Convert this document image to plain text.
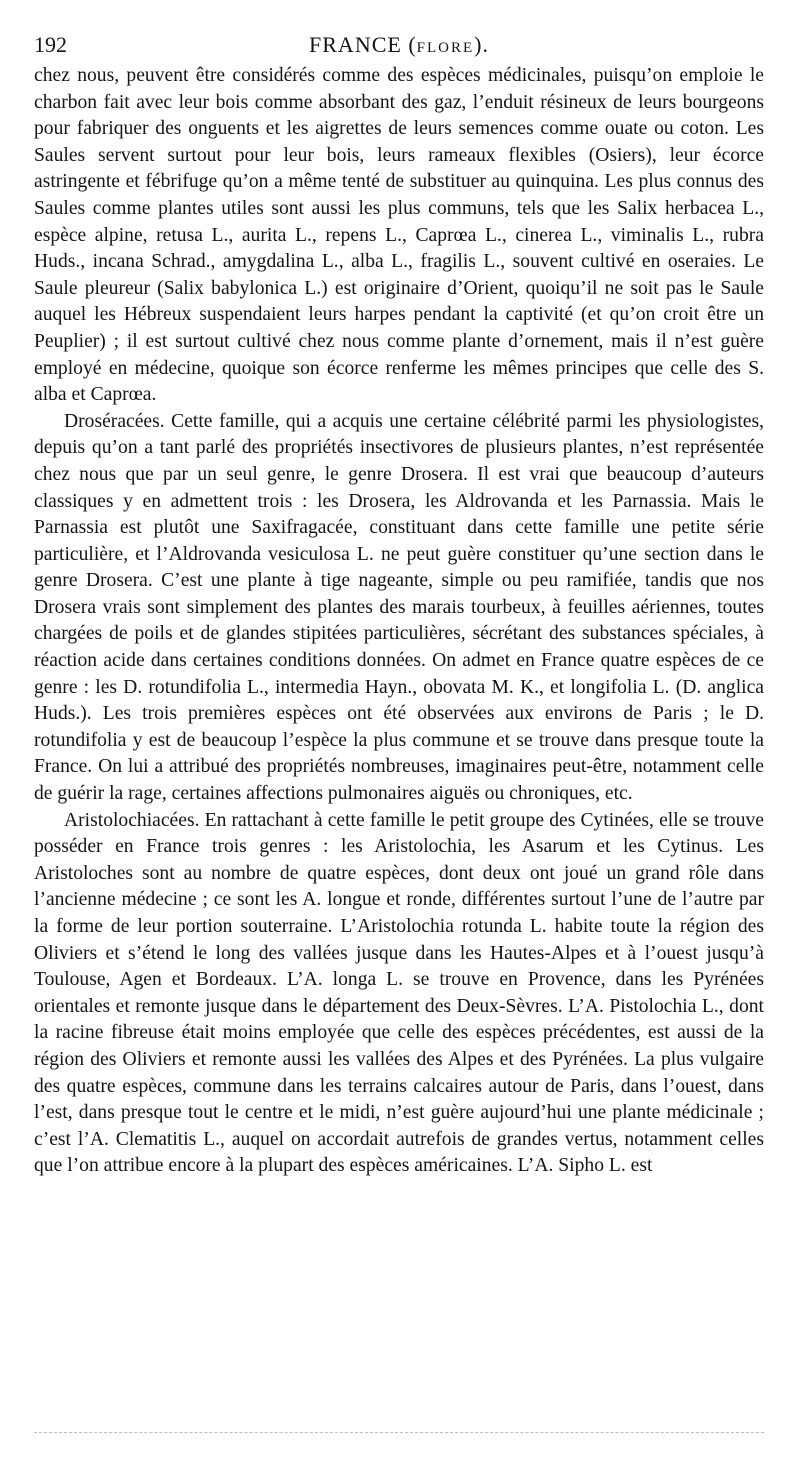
192	FRANCE (FLORE).

chez nous, peuvent être considérés comme des espèces médicinales, puisqu’on emploie le charbon fait avec leur bois comme absorbant des gaz, l’enduit résineux de leurs bourgeons pour fabriquer des onguents et les aigrettes de leurs semences comme ouate ou coton. Les Saules servent surtout pour leur bois, leurs rameaux flexibles (Osiers), leur écorce astringente et fébrifuge qu’on a même tenté de substituer au quinquina. Les plus connus des Saules comme plantes utiles sont aussi les plus communs, tels que les Salix herbacea L., espèce alpine, retusa L., aurita L., repens L., Caprœa L., cinerea L., viminalis L., rubra Huds., incana Schrad., amygdalina L., alba L., fragilis L., souvent cultivé en oseraies. Le Saule pleureur (Salix babylonica L.) est originaire d’Orient, quoiqu’il ne soit pas le Saule auquel les Hébreux suspendaient leurs harpes pendant la captivité (et qu’on croit être un Peuplier) ; il est surtout cultivé chez nous comme plante d’ornement, mais il n’est guère employé en médecine, quoique son écorce renferme les mêmes principes que celle des S. alba et Caprœa.

Droséracées. Cette famille, qui a acquis une certaine célébrité parmi les physiologistes, depuis qu’on a tant parlé des propriétés insectivores de plusieurs plantes, n’est représentée chez nous que par un seul genre, le genre Drosera. Il est vrai que beaucoup d’auteurs classiques y en admettent trois : les Drosera, les Aldrovanda et les Parnassia. Mais le Parnassia est plutôt une Saxifragacée, constituant dans cette famille une petite série particulière, et l’Aldrovanda vesiculosa L. ne peut guère constituer qu’une section dans le genre Drosera. C’est une plante à tige nageante, simple ou peu ramifiée, tandis que nos Drosera vrais sont simplement des plantes des marais tourbeux, à feuilles aériennes, toutes chargées de poils et de glandes stipitées particulières, sécrétant des substances spéciales, à réaction acide dans certaines conditions données. On admet en France quatre espèces de ce genre : les D. rotundifolia L., intermedia Hayn., obovata M. K., et longifolia L. (D. anglica Huds.). Les trois premières espèces ont été observées aux environs de Paris ; le D. rotundifolia y est de beaucoup l’espèce la plus commune et se trouve dans presque toute la France. On lui a attribué des propriétés nombreuses, imaginaires peut-être, notamment celle de guérir la rage, certaines affections pulmonaires aiguës ou chroniques, etc.

Aristolochiacées. En rattachant à cette famille le petit groupe des Cytinées, elle se trouve posséder en France trois genres : les Aristolochia, les Asarum et les Cytinus. Les Aristoloches sont au nombre de quatre espèces, dont deux ont joué un grand rôle dans l’ancienne médecine ; ce sont les A. longue et ronde, différentes surtout l’une de l’autre par la forme de leur portion souterraine. L’Aristolochia rotunda L. habite toute la région des Oliviers et s’étend le long des vallées jusque dans les Hautes-Alpes et à l’ouest jusqu’à Toulouse, Agen et Bordeaux. L’A. longa L. se trouve en Provence, dans les Pyrénées orientales et remonte jusque dans le département des Deux-Sèvres. L’A. Pistolochia L., dont la racine fibreuse était moins employée que celle des espèces précédentes, est aussi de la région des Oliviers et remonte aussi les vallées des Alpes et des Pyrénées. La plus vulgaire des quatre espèces, commune dans les terrains calcaires autour de Paris, dans l’ouest, dans l’est, dans presque tout le centre et le midi, n’est guère aujourd’hui une plante médicinale ; c’est l’A. Clematitis L., auquel on accordait autrefois de grandes vertus, notamment celles que l’on attribue encore à la plupart des espèces américaines. L’A. Sipho L. est
